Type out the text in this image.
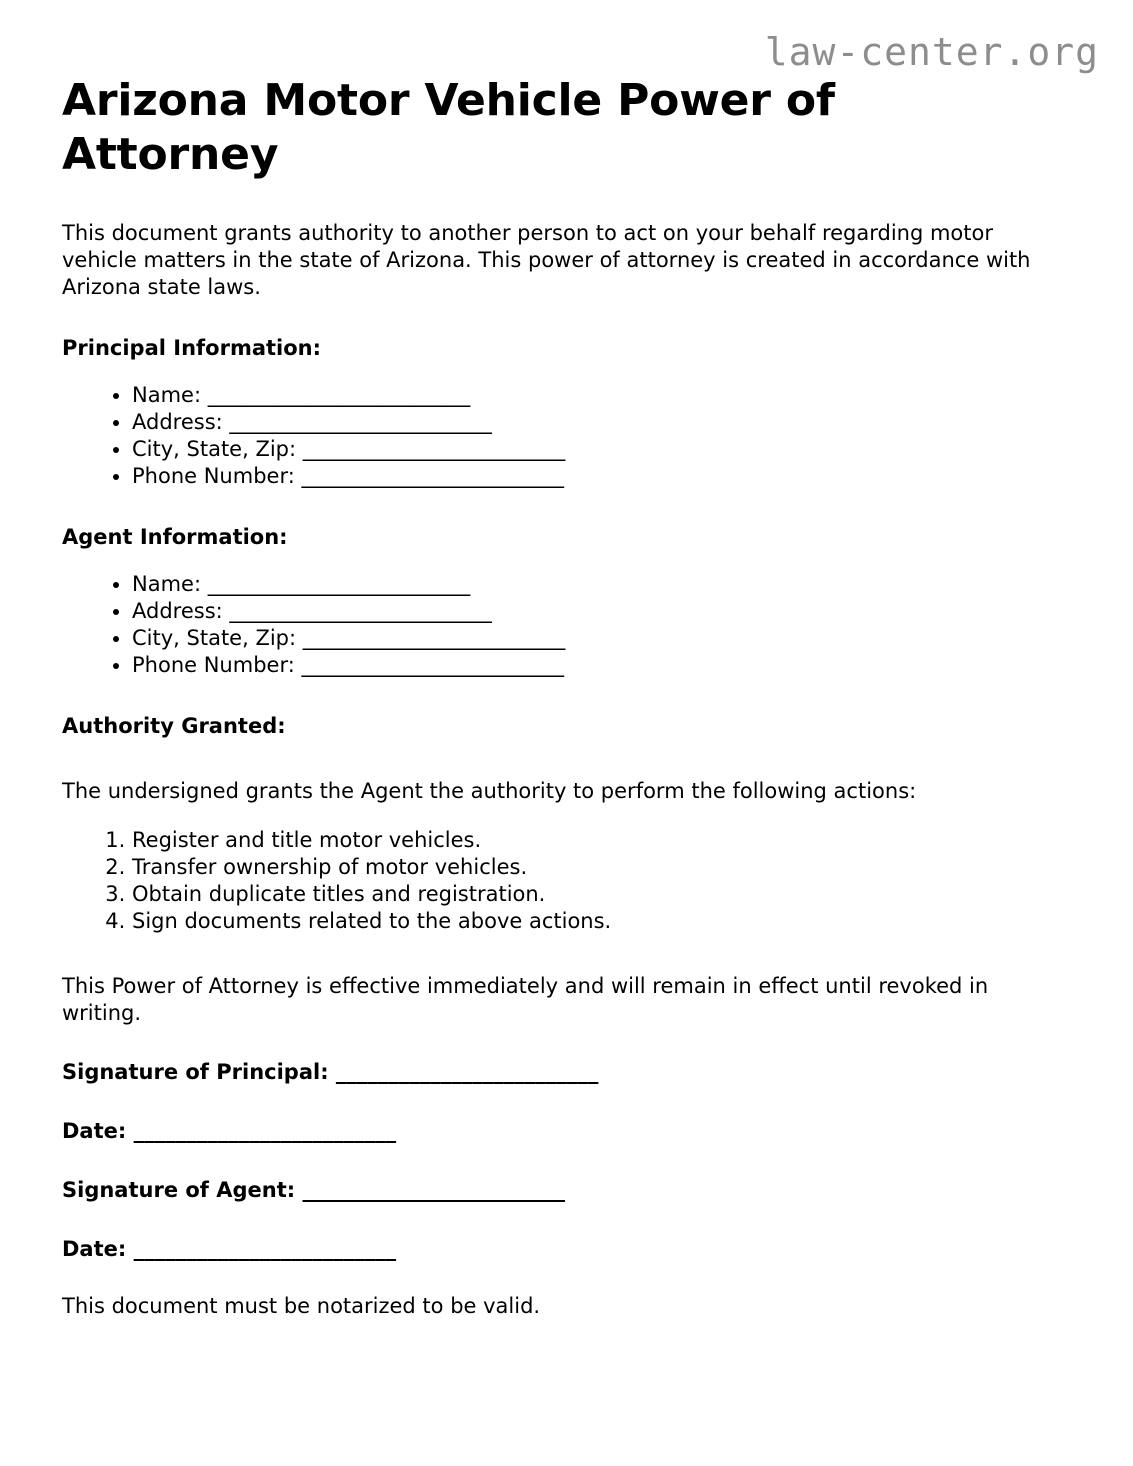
law-center.org
Arizona Motor Vehicle Power of Attorney

This document grants authority to another person to act on your behalf regarding motor vehicle matters in the state of Arizona. This power of attorney is created in accordance with Arizona state laws.

Principal Information:
• Name: _________________________
• Address: _________________________
• City, State, Zip: _________________________
• Phone Number: _________________________
Agent Information:
• Name: _________________________
• Address: _________________________
• City, State, Zip: _________________________
• Phone Number: _________________________
Authority Granted:

The undersigned grants the Agent the authority to perform the following actions:

1. Register and title motor vehicles.
2. Transfer ownership of motor vehicles.
3. Obtain duplicate titles and registration.
4. Sign documents related to the above actions.

This Power of Attorney is effective immediately and will remain in effect until revoked in writing.

Signature of Principal: _________________________

Date: _________________________

Signature of Agent: _________________________

Date: _________________________

This document must be notarized to be valid.
